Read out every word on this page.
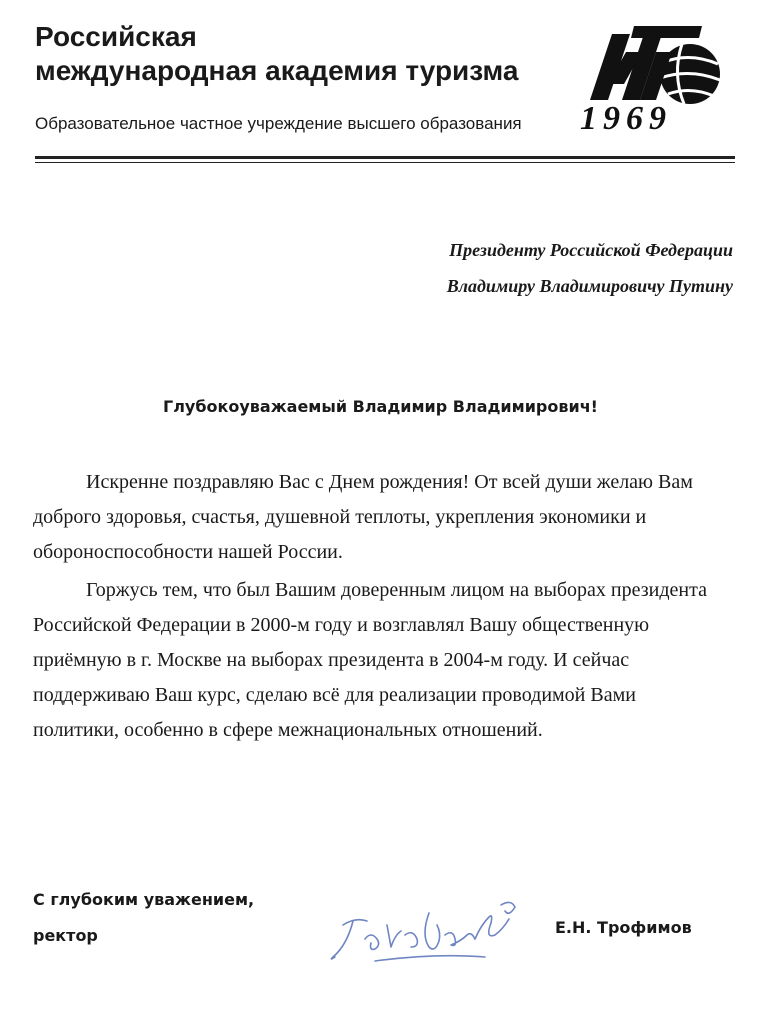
Российская
международная академия туризма
Образовательное частное учреждение высшего образования 1969
Президенту Российской Федерации
Владимиру Владимировичу Путину
Глубокоуважаемый Владимир Владимирович!
Искренне поздравляю Вас с Днем рождения! От всей души желаю Вам
доброго здоровья, счастья, душевной теплоты, укрепления экономики и
обороноспособности нашей России.
Горжусь тем, что был Вашим доверенным лицом на выборах президента
Российской Федерации в 2000-м году и возглавлял Вашу общественную
приёмную в г. Москве на выборах президента в 2004-м году. И сейчас
поддерживаю Ваш курс, сделаю всё для реализации проводимой Вами
политики, особенно в сфере межнациональных отношений.
С глубоким уважением,
ректор	Е.Н. Трофимов
